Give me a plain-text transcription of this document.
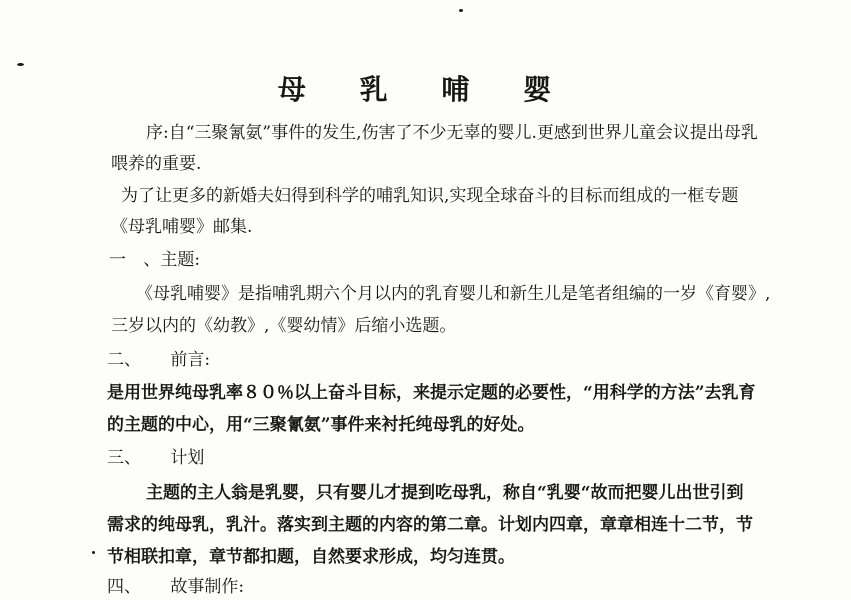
母 乳 哺 婴
序:自“三聚氰氨”事件的发生,伤害了不少无辜的婴儿.更感到世界儿童会议提出母乳
喂养的重要.
为了让更多的新婚夫妇得到科学的哺乳知识,实现全球奋斗的目标而组成的一框专题
《母乳哺婴》邮集.
一 、主题:
《母乳哺婴》是指哺乳期六个月以内的乳育婴儿和新生儿是笔者组编的一岁《育婴》,
三岁以内的《幼教》,《婴幼情》后缩小选题。
二、 前言:
是用世界纯母乳率８０％以上奋斗目标，来提示定题的必要性，“用科学的方法”去乳育
的主题的中心，用“三聚氰氨”事件来衬托纯母乳的好处。
三、 计划
主题的主人翁是乳婴，只有婴儿才提到吃母乳，称自“乳婴“故而把婴儿出世引到
需求的纯母乳，乳汁。落实到主题的内容的第二章。计划内四章，章章相连十二节，节
节相联扣章，章节都扣题，自然要求形成，均匀连贯。
四、 故事制作:
